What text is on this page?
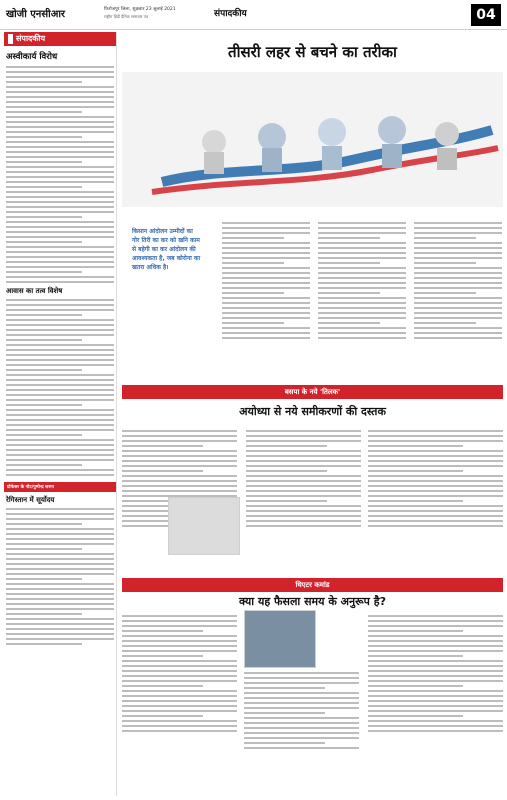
खोजी एनसीआर	फिरोजपुर जिला, शुक्रवार 23 जुलाई 2021
राष्ट्रीय हिंदी दैनिक समाचार पत्र	संपादकीय	04
संपादकीय
अस्वीकार्य विरोध
आवास का तत्व विशेष
प्रोफेसर के नोट/पुष्पेन्द्र सरमा
रेगिस्तान में सूर्योदय
तीसरी लहर से बचने का तरीका
किसान आंदोलन उम्मीदों का गोर तिरी का कर को खनि काम से बहेगी का कर आंदोलन की आवश्यकता है, जब कोरोना का खतरा अधिक है।
बसपा के नये 'तिलक'
अयोध्या से नये समीकरणों की दस्तक
थिएटर कमांड
क्या यह फैसला समय के अनुरूप है?
